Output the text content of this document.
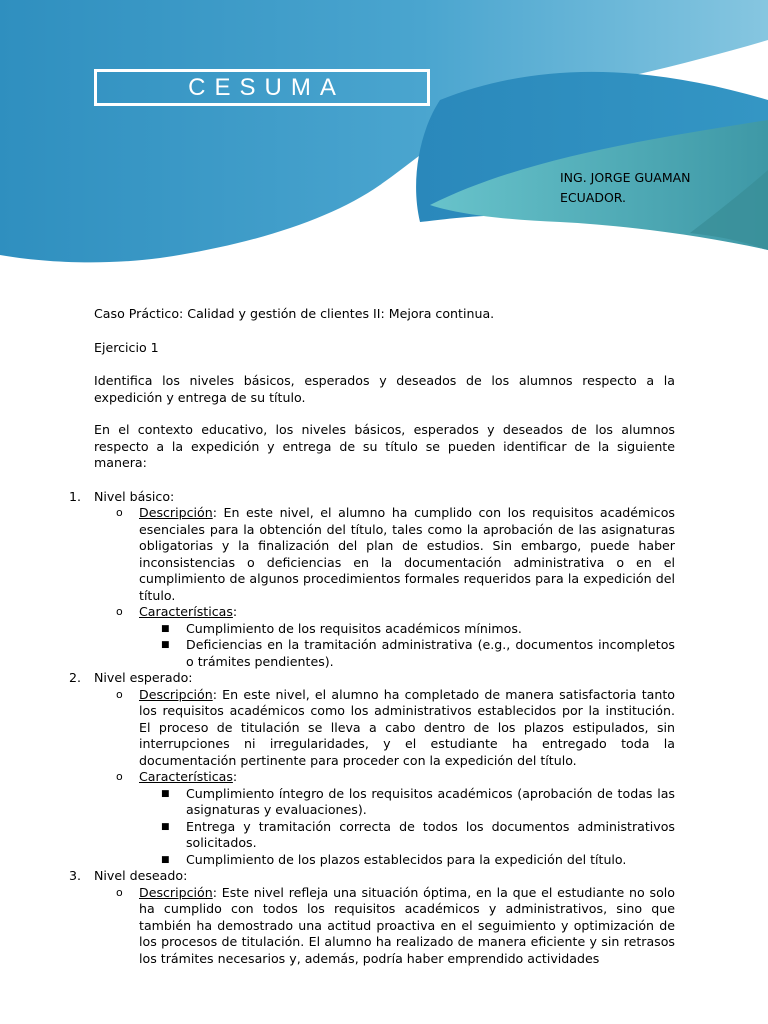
CESUMA
ING. JORGE GUAMAN
ECUADOR.

Caso Práctico: Calidad y gestión de clientes II: Mejora continua.

Ejercicio 1

Identifica los niveles básicos, esperados y deseados de los alumnos respecto a la expedición y entrega de su título.

En el contexto educativo, los niveles básicos, esperados y deseados de los alumnos respecto a la expedición y entrega de su título se pueden identificar de la siguiente manera:

1. Nivel básico:
o Descripción: En este nivel, el alumno ha cumplido con los requisitos académicos esenciales para la obtención del título, tales como la aprobación de las asignaturas obligatorias y la finalización del plan de estudios. Sin embargo, puede haber inconsistencias o deficiencias en la documentación administrativa o en el cumplimiento de algunos procedimientos formales requeridos para la expedición del título.
o Características:
■ Cumplimiento de los requisitos académicos mínimos.
■ Deficiencias en la tramitación administrativa (e.g., documentos incompletos o trámites pendientes).
2. Nivel esperado:
o Descripción: En este nivel, el alumno ha completado de manera satisfactoria tanto los requisitos académicos como los administrativos establecidos por la institución. El proceso de titulación se lleva a cabo dentro de los plazos estipulados, sin interrupciones ni irregularidades, y el estudiante ha entregado toda la documentación pertinente para proceder con la expedición del título.
o Características:
■ Cumplimiento íntegro de los requisitos académicos (aprobación de todas las asignaturas y evaluaciones).
■ Entrega y tramitación correcta de todos los documentos administrativos solicitados.
■ Cumplimiento de los plazos establecidos para la expedición del título.
3. Nivel deseado:
o Descripción: Este nivel refleja una situación óptima, en la que el estudiante no solo ha cumplido con todos los requisitos académicos y administrativos, sino que también ha demostrado una actitud proactiva en el seguimiento y optimización de los procesos de titulación. El alumno ha realizado de manera eficiente y sin retrasos los trámites necesarios y, además, podría haber emprendido actividades
